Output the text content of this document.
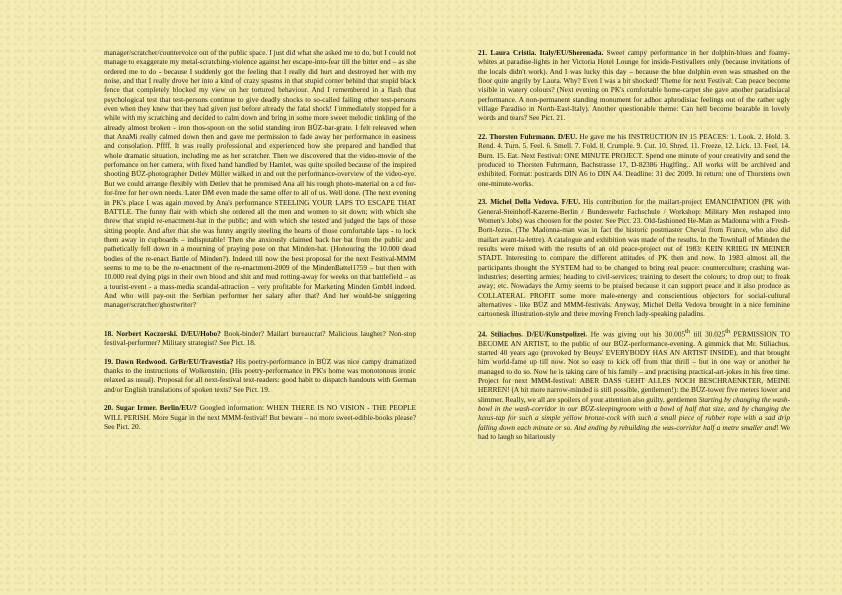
manager/scratcher/countervoice out of the public space. I just did what she asked me to do, but I could not manage to exaggerate my metal-scratching-violence against her escape-into-fear till the bitter end – as she ordered me to do - because I suddenly got the feeling that I really did hurt and destroyed her with my noise, and that I really drove her into a kind of crazy spasms in that stupid corner behind that stupid black fence that completely blocked my view on her tortured behaviour. And I remembered in a flash that psychological test that test-persons continue to give deadly shocks to so-called failing other test-persons even when they knew that they had given just before already the fatal shock! I immediately stopped for a while with my scratching and decided to calm down and bring in some more sweet melodic tinkling of the already almost broken - iron thos-spoon on the solid standing iron BÜZ-bar-grate. I felt releaved when that AnaMi really calmed down then and gave me permission to fade away her performance in easiness and consolation. Pffff. It was really professional and experienced how she prepared and handled that whole dramatic situation, including me as her scratcher. Then we discovered that the video-movie of the perfomance on her camera, with fixed hand handled by Hamlet, was quite spoiled because of the inspired shooting BÜZ-photographer Detlev Müller walked in and out the performance-overview of the video-eye. But we could arrange flexibly with Detlev that he promised Ana all his rough photo-material on a cd for-for-free for her own needs. Later DM even made the same offer to all of us. Well done. (The next evening in PK's place I was again moved by Ana's performance STEELING YOUR LAPS TO ESCAPE THAT BATTLE. The funny flair with which she ordered all the men and women to sit down; with which she threw that stupid re-enactment-hat in the public; and with which she tested and judged the laps of those sitting people. And after that she was funny angrily steeling the hearts of those comfortable laps - to lock them away in cupboards – indisputable! Then she anxiously claimed back her bat from the public and pathetically fell down in a mourning of praying pose on that Minden-hat. (Honouring the 10.000 dead bodies of the re-enact Battle of Minden?). Indeed till now the best proposal for the next Festival-MMM seems to me to be the re-enactment of the re-enactment-2009 of the MindenBattel1759 – but then with 10.000 real dying pigs in their own blood and shit and mud rotting-away for weeks on that battlefield – as a tourist-event - a mass-media scandal-attraction – very profitable for Marketing Minden GmbH indeed. And who will pay-out the Serbian performer her salary after that? And her would-be sniggering manager/scratcher/ghostwriter?

18. Norbert Koczorski. D/EU/Hobo? Book-binder? Mailart bureaucrat? Malicious laugher? Non-stop festival-performer? Military strategist? See Pict. 18.

19. Dawn Redwood. GrBr/EU/Travestia? His poetry-performance in BÜZ was nice campy dramatized thanks to the instructions of Wolkenstein. (His poetry-performance in PK's home was monotonous ironic relaxed as usual). Proposal for all next-festival text-readers: good habit to dispatch handouts with German and/or English translations of spoken texts? See Pict. 19.

20. Sugar Irmer. Berlin/EU/? Googled information: WHEN THERE IS NO VISION - THE PEOPLE WILL PERISH. More Sugar in the next MMM-festival! But beware – no more sweet-edible-books please? See Pict. 20.

21. Laura Cristia. Italy/EU/Sherenada. Sweet campy performance in her dolphin-blues and foamy-whites at paradise-lights in her Victoria Hotel Lounge for inside-Festivallers only (because invitations of the locals didn't work). And I was lucky this day – because the blue dolphin even was smashed on the floor quite angrily by Laura. Why? Even I was a bit shocked! Theme for next Festival: Can peace become visible in watery colours? (Next evening on PK's comfortable home-carpet she gave another paradisiacal performance. A non-permanent standing monument for adhoc aphrodisiac feelings out of the rather ugly village Paradiso in North-East-Italy). Another questionable theme: Can hell become bearable in lovely words and tears? See Pict. 21.

22. Thorsten Fuhrmann. D/EU. He gave me his INSTRUCTION IN 15 PEACES: 1. Look. 2. Hold. 3. Rend. 4. Turn. 5. Feel. 6. Smell. 7. Fold. 8. Crumple. 9. Cut. 10. Shred. 11. Freeze. 12. Lick. 13. Feel. 14. Burn. 15. Eat. Next Festival: ONE MINUTE PROJECT. Spend one minute of your creativity and send the produced to Thorsten Fuhrmann, Bachstrasse 17, D-82386 Huglfing.. All works will be archived and exhibited. Format: postcards DIN A6 to DIN A4. Deadline: 31 dec 2009. In return: one of Thorstens own one-minute-works.

23. Michel Della Vedova. F/EU. His contribution for the mailart-project EMANCIPATION (PK with General-Steinhoff-Kazerne-Berlin / Bundeswehr Fachschule / Workshop: Military Men reshaped into Women's Jobs) was choosen for the poster. See Pict. 23. Old-fashioned He-Man as Madonna with a Fresh-Born-Jezus. (The Madonna-man was in fact the historic postmaster Cheval from France, who also did mailart avant-la-lettre). A catalogue and exhibition was made of the results. In the Townhall of Minden the results were mixed with the results of an old peace-project out of 1983: KEIN KRIEG IN MEINER STADT. Interesting to compare the different attitudes of PK then and now. In 1983 almost all the participants thought the SYSTEM had to be changed to bring real peace: counterculture; crashing war-industries; deserting armies; heading to civil-services; training to desert the colours; to drop out; to freak away; etc. Nowadays the Army seems to be praised because it can support peace and it also produce as COLLATERAL PROFIT some more male-energy and conscientious objectors for social-cultural alternatives - like BÜZ and MMM-festivals. Anyway, Michel Della Vedova brought in a nice feminine cartoonesk illustration-style and three moving French lady-speaking paladins.

24. Stiliachus. D/EU/Kunstpolizei. He was giving out his 30.005th till 30.025th PERMISSION TO BECOME AN ARTIST, to the public of our BÜZ-performance-evening. A gimmick that Mr. Stiliachus. started 40 years ago (provoked by Beuys' EVERYBODY HAS AN ARTIST INSIDE), and that brought him world-fame up till now. Not so easy to kick off from that thrill – but in one way or another he managed to do so. Now he is taking care of his family – and practising practical-art-jokes in his free time. Project for next MMM-festival: ABER DASS GEHT ALLES NOCH BESCHRAENKTER, MEINE HERREN! (A bit more narrow-minded is still possible, gentlemen!): the BÜZ-tower five meters lower and slimmer. Really, we all are spoilers of your attention also guilty, gentlemen Starting by changing the wash-bowl in the wash-corridor in our BÜZ-sleepingroom with a bowl of half that size, and by changing the luxus-tap for such a simple yellow bronze-cock with such a small piece of rubber rope with a sad drip falling down each minute or so. And ending by rebuilding the was-corridor half a metre smaller and! We had to laugh so hilariously
